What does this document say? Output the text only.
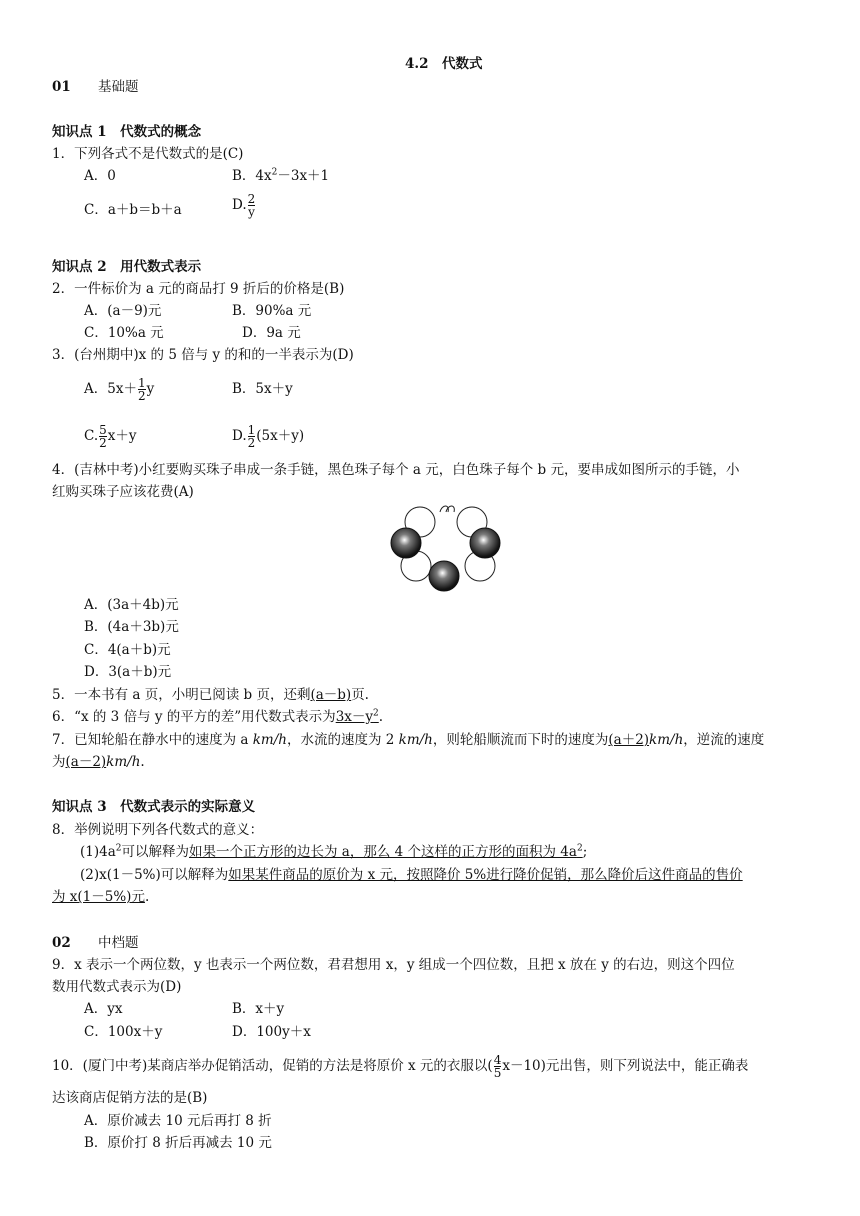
4.2　代数式
01 基础题
知识点 1　代数式的概念
1．下列各式不是代数式的是(C)
A．0	B．$4x^2-3x+1$
C．a＋b＝b＋a	D. $\frac{2}{y}$
知识点 2　用代数式表示
2．一件标价为 a 元的商品打 9 折后的价格是(B)
A．(a－9)元	B．90%a 元
C．10%a 元	D．9a 元
3．(台州期中)x 的 5 倍与 y 的和的一半表示为(D)
A．$5x+ \frac{1}{2}$ y	B．5x＋y
C. $\frac{5}{2} x+y$	D. $\frac{1}{2} (5x+y)$
4．(吉林中考)小红要购买珠子串成一条手链，黑色珠子每个 a 元，白色珠子每个 b 元，要串成如图所示的手链，小
红购买珠子应该花费(A)
A．(3a＋4b)元
B．(4a＋3b)元
C．4(a＋b)元
D．3(a＋b)元
5．一本书有 a 页，小明已阅读 b 页，还剩(a－b)页.
6．“x 的 3 倍与 y 的平方的差”用代数式表示为$3x-y^2$.
7．已知轮船在静水中的速度为 a km/h，水流的速度为 2 km/h，则轮船顺流而下时的速度为(a＋2)km/h，逆流的速度
为(a－2)km/h.
知识点 3　代数式表示的实际意义
8．举例说明下列各代数式的意义：
$(1)4a^2$可以解释为如果一个正方形的边长为 a，那么 4 个这样的正方形的面积为 $4a^2$;
(2)x(1－5%)可以解释为如果某件商品的原价为 x 元，按照降价 5%进行降价促销，那么降价后这件商品的售价
为 x(1－5%)元.
02 中档题
9．x 表示一个两位数，y 也表示一个两位数，君君想用 x，y 组成一个四位数，且把 x 放在 y 的右边，则这个四位
数用代数式表示为(D)
A．yx	B．x＋y
C．100x＋y	D．100y＋x
10．(厦门中考)某商店举办促销活动，促销的方法是将原价 x 元的衣服以( $\frac{4}{5} x-10$)元出售，则下列说法中，能正确表
达该商店促销方法的是(B)
A．原价减去 10 元后再打 8 折
B．原价打 8 折后再减去 10 元
